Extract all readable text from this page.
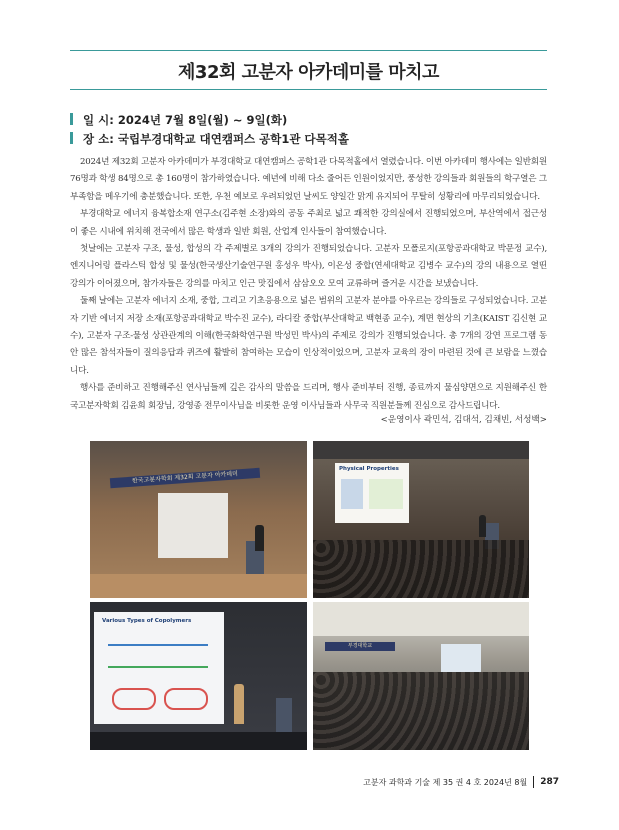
제32회 고분자 아카데미를 마치고
일 시: 2024년 7월 8일(월) ~ 9일(화)
장 소: 국립부경대학교 대연캠퍼스 공학1관 다목적홀

2024년 제32회 고분자 아카데미가 부경대학교 대연캠퍼스 공학1관 다목적홀에서 열렸습니다. 이번 아카데미 행사에는 일반회원 76명과 학생 84명으로 총 160명이 참가하였습니다. 예년에 비해 다소 줄어든 인원이었지만, 풍성한 강의들과 회원들의 학구열은 그 부족함을 메우기에 충분했습니다. 또한, 우천 예보로 우려되었던 날씨도 양일간 맑게 유지되어 무탈히 성황리에 마무리되었습니다.

부경대학교 에너지 융복합소재 연구소(김주현 소장)와의 공동 주최로 넓고 쾌적한 강의실에서 진행되었으며, 부산역에서 접근성이 좋은 시내에 위치해 전국에서 많은 학생과 일반 회원, 산업계 인사들이 참여했습니다.

첫날에는 고분자 구조, 물성, 합성의 각 주제별로 3개의 강의가 진행되었습니다. 고분자 모폴로지(포항공과대학교 박문정 교수), 엔지니어링 플라스틱 합성 및 물성(한국생산기술연구원 홍성우 박사), 이온성 중합(연세대학교 김병수 교수)의 강의 내용으로 열띤 강의가 이어졌으며, 참가자들은 강의를 마치고 인근 맛집에서 삼삼오오 모여 교류하며 즐거운 시간을 보냈습니다.

둘째 날에는 고분자 에너지 소재, 중합, 그리고 기초응용으로 넓은 범위의 고분자 분야를 아우르는 강의들로 구성되었습니다. 고분자 기반 에너지 저장 소재(포항공과대학교 박수진 교수), 라디칼 중합(부산대학교 백현종 교수), 계면 현상의 기초(KAIST 김신현 교수), 고분자 구조-물성 상관관계의 이해(한국화학연구원 박성민 박사)의 주제로 강의가 진행되었습니다. 총 7개의 강연 프로그램 동안 많은 참석자들이 질의응답과 퀴즈에 활발히 참여하는 모습이 인상적이었으며, 고분자 교육의 장이 마련된 것에 큰 보람을 느꼈습니다.

행사를 준비하고 진행해주신 연사님들께 깊은 감사의 말씀을 드리며, 행사 준비부터 진행, 종료까지 물심양면으로 지원해주신 한국고분자학회 김윤희 회장님, 강영종 전무이사님을 비롯한 운영 이사님들과 사무국 직원분들께 진심으로 감사드립니다.

<운영이사 곽민석, 김대석, 김채빈, 서성백>
한국고분자학회 제32회 고분자 아카데미
Physical Properties
Various Types of Copolymers
부경대학교
고분자 과학과 기술 제 35 권 4 호 2024년 8월 287
